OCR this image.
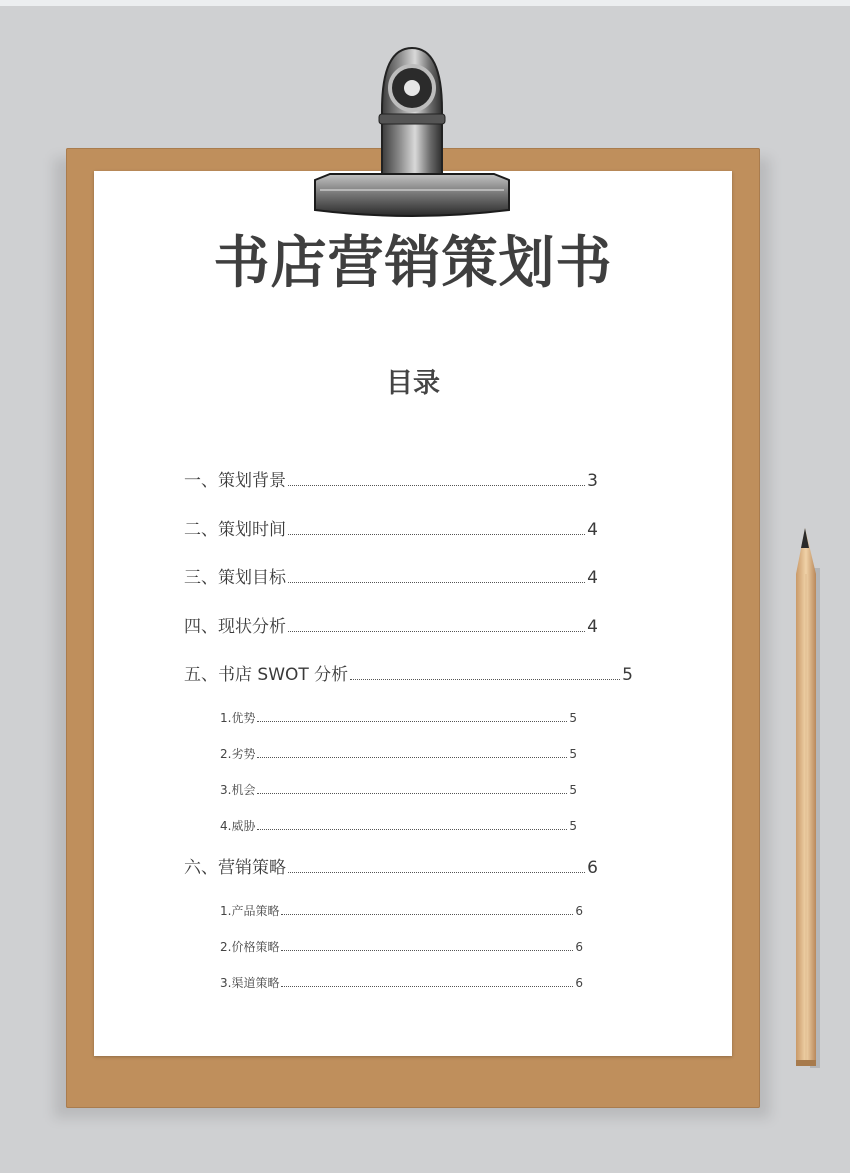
书店营销策划书
目录
一、策划背景	3
二、策划时间	4
三、策划目标	4
四、现状分析	4
五、书店 SWOT 分析	5
1.优势	5
2.劣势	5
3.机会	5
4.威胁	5
六、营销策略	6
1.产品策略	6
2.价格策略	6
3.渠道策略	6
